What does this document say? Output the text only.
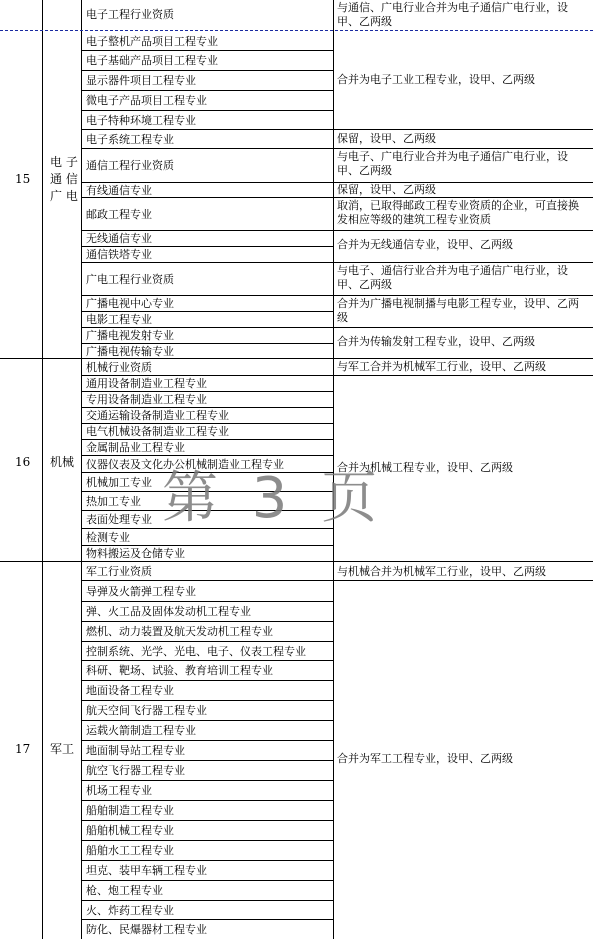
电子工程行业资质
与通信、广电行业合并为电子通信广电行业，设甲、乙两级
15
电 子
通 信
广 电
16 机械
17 军工
合并为电子工业工程专业，设甲、乙两级
保留，设甲、乙两级
与电子、广电行业合并为电子通信广电行业，设甲、乙两级
保留，设甲、乙两级
取消，已取得邮政工程专业资质的企业，可直接换发相应等级的建筑工程专业资质
合并为无线通信专业，设甲、乙两级
与电子、通信行业合并为电子通信广电行业，设甲、乙两级
合并为广播电视制播与电影工程专业，设甲、乙两级
合并为传输发射工程专业，设甲、乙两级
与军工合并为机械军工行业，设甲、乙两级
合并为机械工程专业，设甲、乙两级
与机械合并为机械军工行业，设甲、乙两级
合并为军工工程专业，设甲、乙两级
电子整机产品项目工程专业
电子基础产品项目工程专业
显示器件项目工程专业
微电子产品项目工程专业
电子特种环境工程专业
电子系统工程专业
通信工程行业资质
有线通信专业
邮政工程专业
无线通信专业
通信铁塔专业
广电工程行业资质
广播电视中心专业
电影工程专业
广播电视发射专业
广播电视传输专业
机械行业资质
通用设备制造业工程专业
专用设备制造业工程专业
交通运输设备制造业工程专业
电气机械设备制造业工程专业
金属制品业工程专业
仪器仪表及文化办公机械制造业工程专业
机械加工专业
热加工专业
表面处理专业
检测专业
物料搬运及仓储专业
军工行业资质
导弹及火箭弹工程专业
弹、火工品及固体发动机工程专业
燃机、动力装置及航天发动机工程专业
控制系统、光学、光电、电子、仪表工程专业
科研、靶场、试验、教育培训工程专业
地面设备工程专业
航天空间飞行器工程专业
运载火箭制造工程专业
地面制导站工程专业
航空飞行器工程专业
机场工程专业
船舶制造工程专业
船舶机械工程专业
船舶水工工程专业
坦克、装甲车辆工程专业
枪、炮工程专业
火、炸药工程专业
防化、民爆器材工程专业
第 3 页
